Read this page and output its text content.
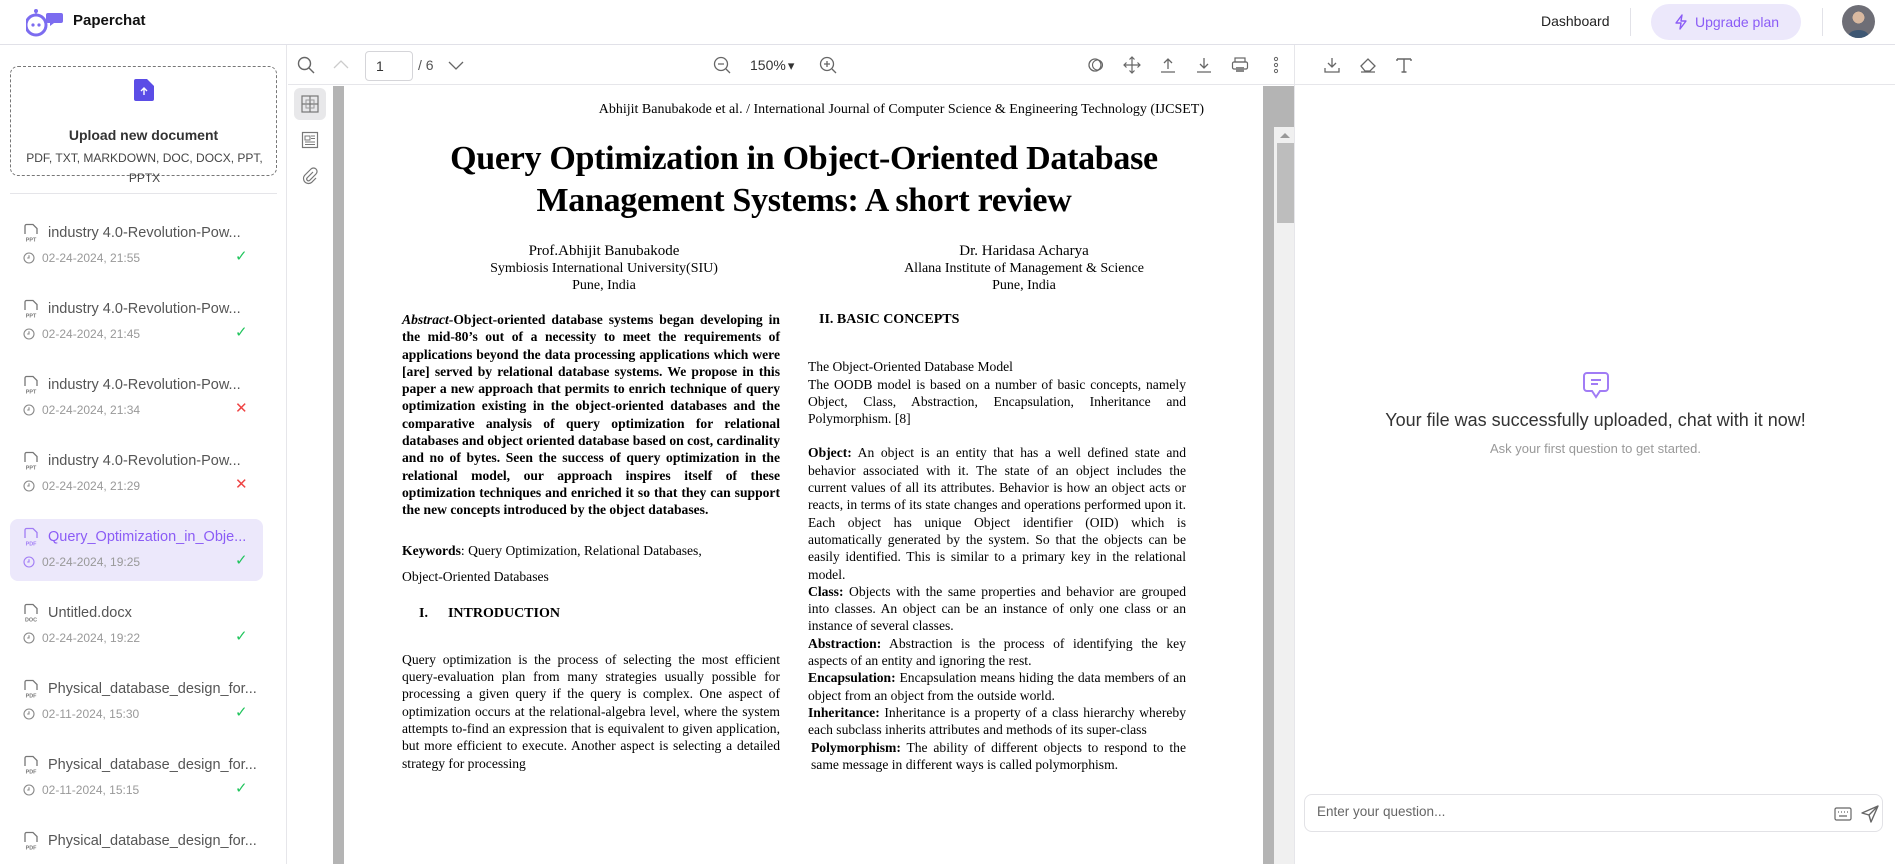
Paperchat	Dashboard	Upgrade plan
Upload new document
PDF, TXT, MARKDOWN, DOC, DOCX, PPT, PPTX
PPT industry 4.0-Revolution-Pow...
02-24-2024, 21:55	✓
PPT industry 4.0-Revolution-Pow...
02-24-2024, 21:45	✓
PPT industry 4.0-Revolution-Pow...
02-24-2024, 21:34	✕
PPT industry 4.0-Revolution-Pow...
02-24-2024, 21:29	✕
PDF Query_Optimization_in_Obje...
02-24-2024, 19:25	✓
DOC Untitled.docx
02-24-2024, 19:22	✓
PDF Physical_database_design_for...
02-11-2024, 15:30	✓
PDF Physical_database_design_for...
02-11-2024, 15:15	✓
PDF Physical_database_design_for...
1
/ 6	150% ▾
Abhijit Banubakode et al. / International Journal of Computer Science & Engineering Technology (IJCSET)
Query Optimization in Object-Oriented Database
Management Systems: A short review
Prof.Abhijit Banubakode
Symbiosis International University(SIU)
Pune, India
Dr. Haridasa Acharya
Allana Institute of Management & Science
Pune, India

Abstract-Object-oriented database systems began developing in the mid-80’s out of a necessity to meet the requirements of applications beyond the data processing applications which were [are] served by relational database systems. We propose in this paper a new approach that permits to enrich technique of query optimization existing in the object-oriented databases and the comparative analysis of query optimization for relational databases and object oriented database based on cost, cardinality and no of bytes. Seen the success of query optimization in the relational model, our approach inspires itself of these optimization techniques and enriched it so that they can support the new concepts introduced by the object databases.

Keywords: Query Optimization, Relational Databases,
Object-Oriented Databases

I. INTRODUCTION

Query optimization is the process of selecting the most efficient query-evaluation plan from many strategies usually possible for processing a given query if the query is complex. One aspect of optimization occurs at the relational-algebra level, where the system attempts to-find an expression that is equivalent to given application, but more efficient to execute. Another aspect is selecting a detailed strategy for processing

II. BASIC CONCEPTS

The Object-Oriented Database Model

The OODB model is based on a number of basic concepts, namely Object, Class, Abstraction, Encapsulation, Inheritance and Polymorphism. [8]

Object: An object is an entity that has a well defined state and behavior associated with it. The state of an object includes the current values of all its attributes. Behavior is how an object acts or reacts, in terms of its state changes and operations performed upon it. Each object has unique Object identifier (OID) which is automatically generated by the system. So that the objects can be easily identified. This is similar to a primary key in the relational model.

Class: Objects with the same properties and behavior are grouped into classes. An object can be an instance of only one class or an instance of several classes.

Abstraction: Abstraction is the process of identifying the key aspects of an entity and ignoring the rest.

Encapsulation: Encapsulation means hiding the data members of an object from an object from the outside world.

Inheritance: Inheritance is a property of a class hierarchy whereby each subclass inherits attributes and methods of its super-class

Polymorphism: The ability of different objects to respond to the same message in different ways is called polymorphism.

Your file was successfully uploaded, chat with it now!
Ask your first question to get started.
Enter your question...
